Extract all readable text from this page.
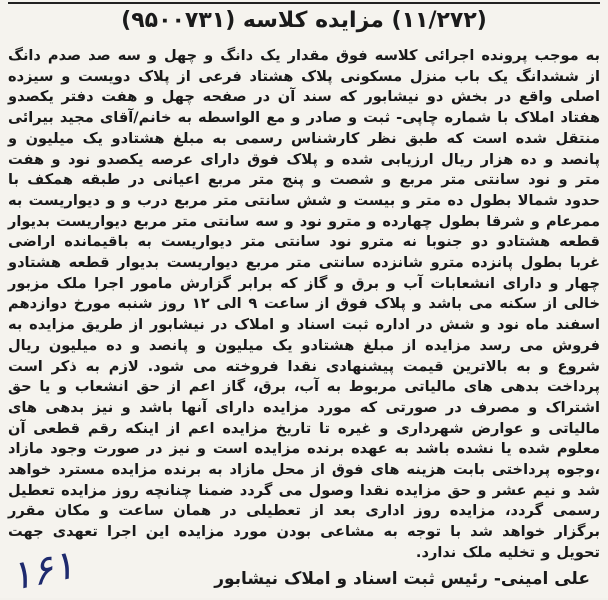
(۱۱/۲۷۲) مزایده کلاسه (۹۵۰۰۷۳۱)
به موجب پرونده اجرائی کلاسه فوق مقدار یک دانگ و چهل و سه صد صدم دانگ از ششدانگ یک باب منزل مسکونی پلاک هشتاد فرعی از پلاک دویست و سیزده اصلی واقع در بخش دو نیشابور که سند آن در صفحه چهل و هفت دفتر یکصدو هفتاد املاک با شماره چاپی- ثبت و صادر و مع الواسطه به خانم/آقای مجید بیرائی منتقل شده است که طبق نظر کارشناس رسمی به مبلغ هشتادو یک میلیون و پانصد و ده هزار ریال ارزیابی شده و پلاک فوق دارای عرصه یکصدو نود و هفت متر و نود سانتی متر مربع و شصت و پنج متر مربع اعیانی در طبقه همکف با حدود شمالا بطول ده متر و بیست و شش سانتی متر مربع درب و و دیواریست به ممرعام و شرقا بطول چهارده و مترو نود و سه سانتی متر مربع دیواریست بدیوار قطعه هشتادو دو جنوبا نه مترو نود سانتی متر دیواریست به باقیمانده اراضی غربا بطول پانزده مترو شانزده سانتی متر مربع دیواریست بدیوار قطعه هشتادو چهار و دارای انشعابات آب و برق و گاز که برابر گزارش مامور اجرا ملک مزبور خالی از سکنه می باشد و پلاک فوق از ساعت ۹ الی ۱۲ روز شنبه مورخ دوازدهم اسفند ماه نود و شش در اداره ثبت اسناد و املاک در نیشابور از طریق مزایده به فروش می رسد مزایده از مبلغ هشتادو یک میلیون و پانصد و ده میلیون ریال شروع و به بالاترین قیمت پیشنهادی نقدا فروخته می شود. لازم به ذکر است پرداخت بدهی های مالیاتی مربوط به آب، برق، گاز اعم از حق انشعاب و یا حق اشتراک و مصرف در صورتی که مورد مزایده دارای آنها باشد و نیز بدهی های مالیاتی و عوارض شهرداری و غیره تا تاریخ مزایده اعم از اینکه رقم قطعی آن معلوم شده یا نشده باشد به عهده برنده مزایده است و نیز در صورت وجود مازاد ،وجوه پرداختی بابت هزینه های فوق از محل مازاد به برنده مزایده مسترد خواهد شد و نیم عشر و حق مزایده نقدا وصول می گردد ضمنا چنانچه روز مزایده تعطیل رسمی گردد، مزایده روز اداری بعد از تعطیلی در همان ساعت و مکان مقرر برگزار خواهد شد با توجه به مشاعی بودن مورد مزایده این اجرا تعهدی جهت تحویل و تخلیه ملک ندارد.
۱۶۱	علی امینی- رئیس ثبت اسناد و املاک نیشابور
